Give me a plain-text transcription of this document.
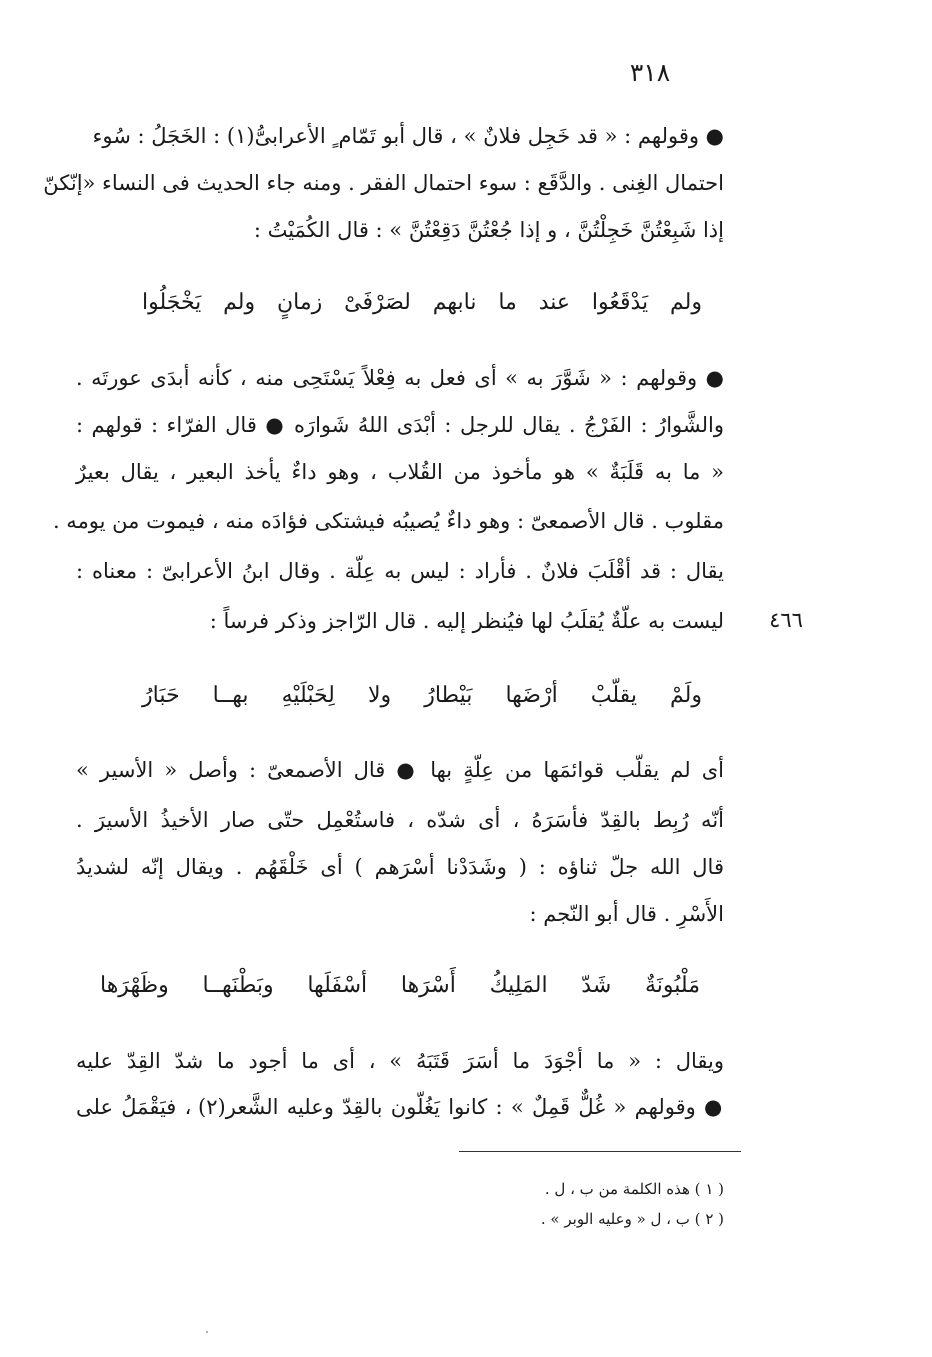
٣١٨
● وقولهم : « قد خَجِل فلانٌ » ، قال أبو تَمّام ٍ الأعرابىُّ(١) : الخَجَلُ : سُوء
احتمال الغِنى . والدَّقَع : سوء احتمال الفقر . ومنه جاء الحديث فى النساء «إنّكنّ
إذا شَبِعْتُنَّ خَجِلْتُنَّ ، و إذا جُعْتُنَّ دَقِعْتُنَّ » : قال الكُمَيْتُ :
ولم يَدْقَعُوا عند ما نابهم لصَرْفَىْ زمانٍ ولم يَخْجَلُوا
● وقولهم : « شَوَّرَ به » أى فعل به فِعْلاً يَسْتَحِى منه ، كأنه أبدَى عورتَه .
والشَّوارُ : الفَرْجُ . يقال للرجل : أبْدَى اللهُ شَوارَه ● قال الفرّاء : قولهم :
« ما به قَلَبَةٌ » هو مأخوذ من القُلاب ، وهو داءٌ يأخذ البعير ، يقال بعيرٌ
مقلوب . قال الأصمعىّ : وهو داءٌ يُصيبُه فيشتكى فؤادَه منه ، فيموت من يومه .
يقال : قد أقْلَبَ فلانٌ . فأراد : ليس به عِلّة . وقال ابنُ الأعرابىّ : معناه :
ليست به علّةٌ يُقلَبُ لها فيُنظر إليه . قال الرّاجز وذكر فرساً :	٤٦٦
ولَمْ يقلّبْ أرْضَها بَيْطارُ ولا لِحَبْلَيْهِ بهــا حَبَارُ
أى لم يقلّب قوائمَها من عِلّةٍ بها ● قال الأصمعىّ : وأصل « الأسير »
أنّه رُبِط بالقِدّ فأسَرَهُ ، أى شدّه ، فاستُعْمِل حتّى صار الأخيذُ الأسيرَ .
قال الله جلّ ثناؤه : ( وشَدَدْنا أسْرَهم ) أى خَلْقَهُم . ويقال إنّه لشديدُ
الأَسْرِ . قال أبو النّجم :
مَلْبُونَةٌ شَدّ المَلِيكُ أَسْرَها أسْفَلَها وبَطْنَهــا وظَهْرَها
ويقال : « ما أجْوَدَ ما أسَرَ قَتَبَهُ » ، أى ما أجود ما شدّ القِدّ عليه
● وقولهم « غُلٌّ قَمِلٌ » : كانوا يَغُلّون بالقِدّ وعليه الشَّعر(٢) ، فيَقْمَلُ على
( ١ ) هذه الكلمة من ب ، ل .
( ٢ ) ب ، ل « وعليه الوبر » .
